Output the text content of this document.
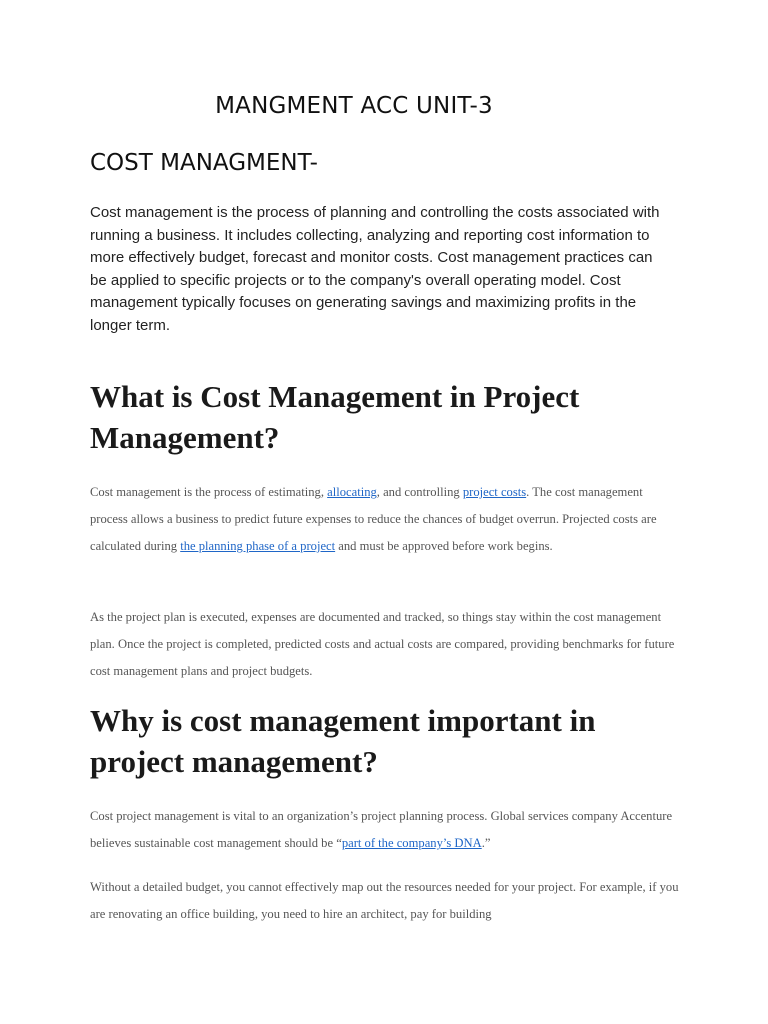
MANGMENT ACC UNIT-3
COST MANAGMENT-

Cost management is the process of planning and controlling the costs associated with running a business. It includes collecting, analyzing and reporting cost information to more effectively budget, forecast and monitor costs. Cost management practices can be applied to specific projects or to the company's overall operating model. Cost management typically focuses on generating savings and maximizing profits in the longer term.

What is Cost Management in Project Management?

Cost management is the process of estimating, allocating, and controlling project costs. The cost management process allows a business to predict future expenses to reduce the chances of budget overrun. Projected costs are calculated during the planning phase of a project and must be approved before work begins.

As the project plan is executed, expenses are documented and tracked, so things stay within the cost management plan. Once the project is completed, predicted costs and actual costs are compared, providing benchmarks for future cost management plans and project budgets.

Why is cost management important in project management?

Cost project management is vital to an organization’s project planning process. Global services company Accenture believes sustainable cost management should be “part of the company’s DNA.”

Without a detailed budget, you cannot effectively map out the resources needed for your project. For example, if you are renovating an office building, you need to hire an architect, pay for building
